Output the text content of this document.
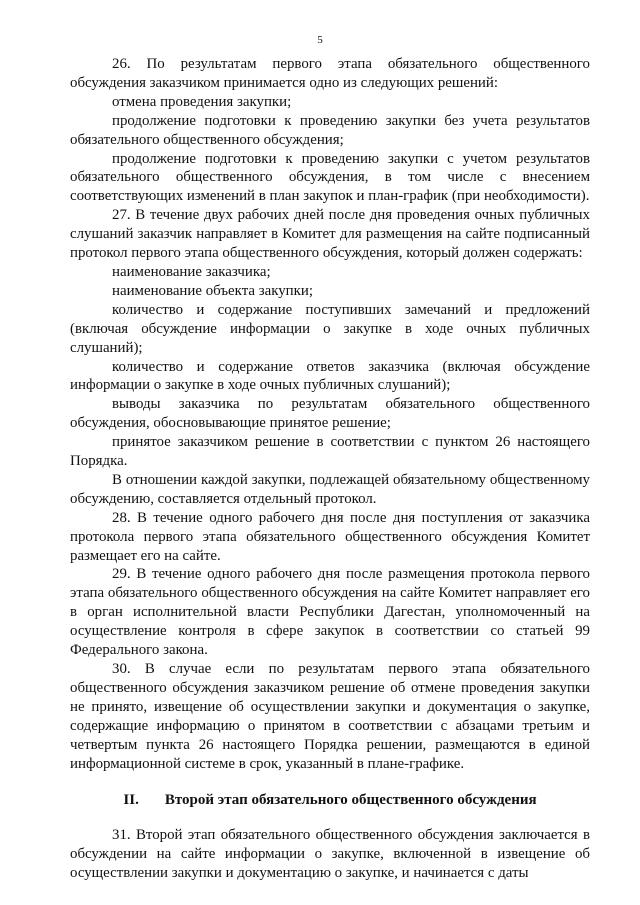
5

26. По результатам первого этапа обязательного общественного обсуждения заказчиком принимается одно из следующих решений:

отмена проведения закупки;

продолжение подготовки к проведению закупки без учета результатов обязательного общественного обсуждения;

продолжение подготовки к проведению закупки с учетом результатов обязательного общественного обсуждения, в том числе с внесением соответствующих изменений в план закупок и план-график (при необходимости).

27. В течение двух рабочих дней после дня проведения очных публичных слушаний заказчик направляет в Комитет для размещения на сайте подписанный протокол первого этапа общественного обсуждения, который должен содержать:

наименование заказчика;

наименование объекта закупки;

количество и содержание поступивших замечаний и предложений (включая обсуждение информации о закупке в ходе очных публичных слушаний);

количество и содержание ответов заказчика (включая обсуждение информации о закупке в ходе очных публичных слушаний);

выводы заказчика по результатам обязательного общественного обсуждения, обосновывающие принятое решение;

принятое заказчиком решение в соответствии с пунктом 26 настоящего Порядка.

В отношении каждой закупки, подлежащей обязательному общественному обсуждению, составляется отдельный протокол.

28. В течение одного рабочего дня после дня поступления от заказчика протокола первого этапа обязательного общественного обсуждения Комитет размещает его на сайте.

29. В течение одного рабочего дня после размещения протокола первого этапа обязательного общественного обсуждения на сайте Комитет направляет его в орган исполнительной власти Республики Дагестан, уполномоченный на осуществление контроля в сфере закупок в соответствии со статьей 99 Федерального закона.

30. В случае если по результатам первого этапа обязательного общественного обсуждения заказчиком решение об отмене проведения закупки не принято, извещение об осуществлении закупки и документация о закупке, содержащие информацию о принятом в соответствии с абзацами третьим и четвертым пункта 26 настоящего Порядка решении, размещаются в единой информационной системе в срок, указанный в плане-графике.

II. Второй этап обязательного общественного обсуждения

31. Второй этап обязательного общественного обсуждения заключается в обсуждении на сайте информации о закупке, включенной в извещение об осуществлении закупки и документацию о закупке, и начинается с даты
